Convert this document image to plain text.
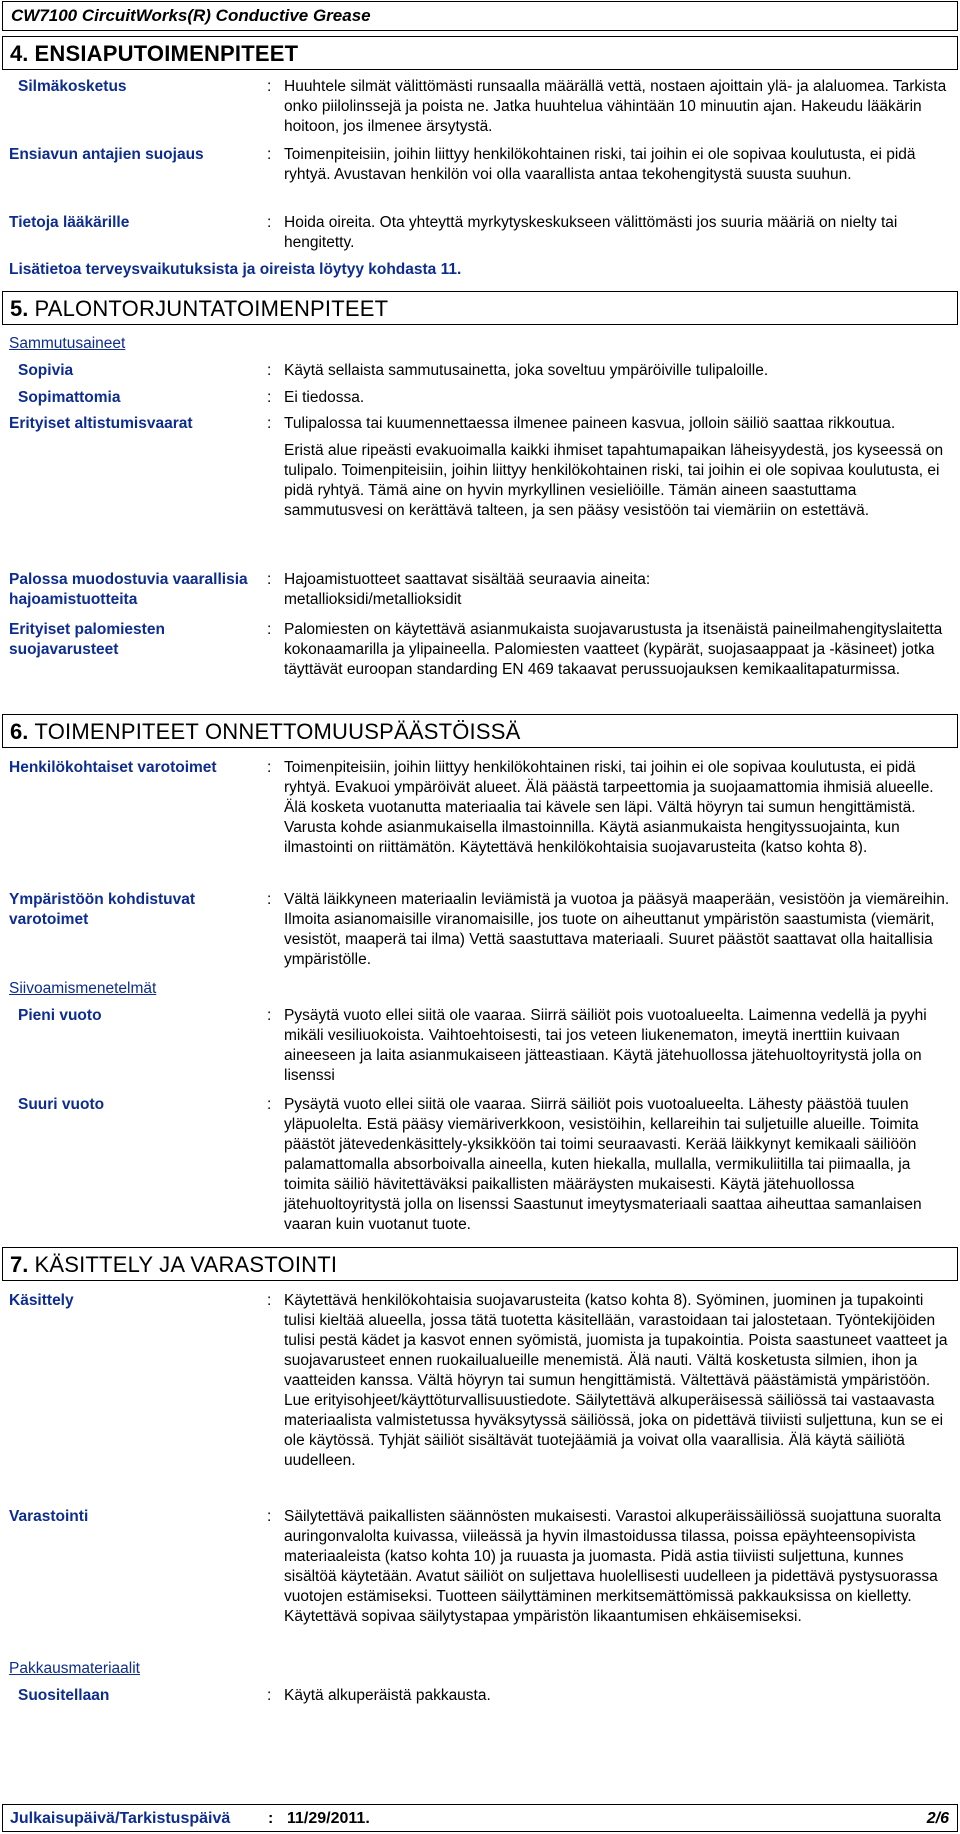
CW7100 CircuitWorks(R) Conductive Grease
4. ENSIAPUTOIMENPITEET
Silmäkosketus	: Huuhtele silmät välittömästi runsaalla määrällä vettä, nostaen ajoittain ylä- ja alaluomea. Tarkista onko piilolinssejä ja poista ne. Jatka huuhtelua vähintään 10 minuutin ajan. Hakeudu lääkärin hoitoon, jos ilmenee ärsytystä.
Ensiavun antajien suojaus	: Toimenpiteisiin, joihin liittyy henkilökohtainen riski, tai joihin ei ole sopivaa koulutusta, ei pidä ryhtyä. Avustavan henkilön voi olla vaarallista antaa tekohengitystä suusta suuhun.
Tietoja lääkärille	: Hoida oireita. Ota yhteyttä myrkytyskeskukseen välittömästi jos suuria määriä on nielty tai hengitetty.
Lisätietoa terveysvaikutuksista ja oireista löytyy kohdasta 11.
5. PALONTORJUNTATOIMENPITEET
Sammutusaineet
Sopivia	: Käytä sellaista sammutusainetta, joka soveltuu ympäröiville tulipaloille.
Sopimattomia	: Ei tiedossa.
Erityiset altistumisvaarat	: Tulipalossa tai kuumennettaessa ilmenee paineen kasvua, jolloin säiliö saattaa rikkoutua.

Eristä alue ripeästi evakuoimalla kaikki ihmiset tapahtumapaikan läheisyydestä, jos kyseessä on tulipalo. Toimenpiteisiin, joihin liittyy henkilökohtainen riski, tai joihin ei ole sopivaa koulutusta, ei pidä ryhtyä. Tämä aine on hyvin myrkyllinen vesieliöille. Tämän aineen saastuttama sammutusvesi on kerättävä talteen, ja sen pääsy vesistöön tai viemäriin on estettävä.

Palossa muodostuvia vaarallisia hajoamistuotteita
: Hajoamistuotteet saattavat sisältää seuraavia aineita:
metallioksidi/metallioksidit
Erityiset palomiesten suojavarusteet
: Palomiesten on käytettävä asianmukaista suojavarustusta ja itsenäistä paineilmahengityslaitetta kokonaamarilla ja ylipaineella. Palomiesten vaatteet (kypärät, suojasaappaat ja -käsineet) jotka täyttävät euroopan standarding EN 469 takaavat perussuojauksen kemikaalitapaturmissa.
6. TOIMENPITEET ONNETTOMUUSPÄÄSTÖISSÄ
Henkilökohtaiset varotoimet	: Toimenpiteisiin, joihin liittyy henkilökohtainen riski, tai joihin ei ole sopivaa koulutusta, ei pidä ryhtyä. Evakuoi ympäröivät alueet. Älä päästä tarpeettomia ja suojaamattomia ihmisiä alueelle. Älä kosketa vuotanutta materiaalia tai kävele sen läpi. Vältä höyryn tai sumun hengittämistä. Varusta kohde asianmukaisella ilmastoinnilla. Käytä asianmukaista hengityssuojainta, kun ilmastointi on riittämätön. Käytettävä henkilökohtaisia suojavarusteita (katso kohta 8).
Ympäristöön kohdistuvat varotoimet
: Vältä läikkyneen materiaalin leviämistä ja vuotoa ja pääsyä maaperään, vesistöön ja viemäreihin. Ilmoita asianomaisille viranomaisille, jos tuote on aiheuttanut ympäristön saastumista (viemärit, vesistöt, maaperä tai ilma) Vettä saastuttava materiaali. Suuret päästöt saattavat olla haitallisia ympäristölle.
Siivoamismenetelmät
Pieni vuoto	: Pysäytä vuoto ellei siitä ole vaaraa. Siirrä säiliöt pois vuotoalueelta. Laimenna vedellä ja pyyhi mikäli vesiliuokoista. Vaihtoehtoisesti, tai jos veteen liukenematon, imeytä inerttiin kuivaan aineeseen ja laita asianmukaiseen jätteastiaan. Käytä jätehuollossa jätehuoltoyritystä jolla on lisenssi
Suuri vuoto	: Pysäytä vuoto ellei siitä ole vaaraa. Siirrä säiliöt pois vuotoalueelta. Lähesty päästöä tuulen yläpuolelta. Estä pääsy viemäriverkkoon, vesistöihin, kellareihin tai suljetuille alueille. Toimita päästöt jätevedenkäsittely-yksikköön tai toimi seuraavasti. Kerää läikkynyt kemikaali säiliöön palamattomalla absorboivalla aineella, kuten hiekalla, mullalla, vermikuliitilla tai piimaalla, ja toimita säiliö hävitettäväksi paikallisten määräysten mukaisesti. Käytä jätehuollossa jätehuoltoyritystä jolla on lisenssi Saastunut imeytysmateriaali saattaa aiheuttaa samanlaisen vaaran kuin vuotanut tuote.
7. KÄSITTELY JA VARASTOINTI
Käsittely	: Käytettävä henkilökohtaisia suojavarusteita (katso kohta 8). Syöminen, juominen ja tupakointi tulisi kieltää alueella, jossa tätä tuotetta käsitellään, varastoidaan tai jalostetaan. Työntekijöiden tulisi pestä kädet ja kasvot ennen syömistä, juomista ja tupakointia. Poista saastuneet vaatteet ja suojavarusteet ennen ruokailualueille menemistä. Älä nauti. Vältä kosketusta silmien, ihon ja vaatteiden kanssa. Vältä höyryn tai sumun hengittämistä. Vältettävä päästämistä ympäristöön. Lue erityisohjeet/käyttöturvallisuustiedote. Säilytettävä alkuperäisessä säiliössä tai vastaavasta materiaalista valmistetussa hyväksytyssä säiliössä, joka on pidettävä tiiviisti suljettuna, kun se ei ole käytössä. Tyhjät säiliöt sisältävät tuotejäämiä ja voivat olla vaarallisia. Älä käytä säiliötä uudelleen.
Varastointi	: Säilytettävä paikallisten säännösten mukaisesti. Varastoi alkuperäissäiliössä suojattuna suoralta auringonvalolta kuivassa, viileässä ja hyvin ilmastoidussa tilassa, poissa epäyhteensopivista materiaaleista (katso kohta 10) ja ruuasta ja juomasta. Pidä astia tiiviisti suljettuna, kunnes sisältöä käytetään. Avatut säiliöt on suljettava huolellisesti uudelleen ja pidettävä pystysuorassa vuotojen estämiseksi. Tuotteen säilyttäminen merkitsemättömissä pakkauksissa on kielletty. Käytettävä sopivaa säilytystapaa ympäristön likaantumisen ehkäisemiseksi.
Pakkausmateriaalit
Suositellaan	: Käytä alkuperäistä pakkausta.
Julkaisupäivä/Tarkistuspäivä : 11/29/2011.	2/6
